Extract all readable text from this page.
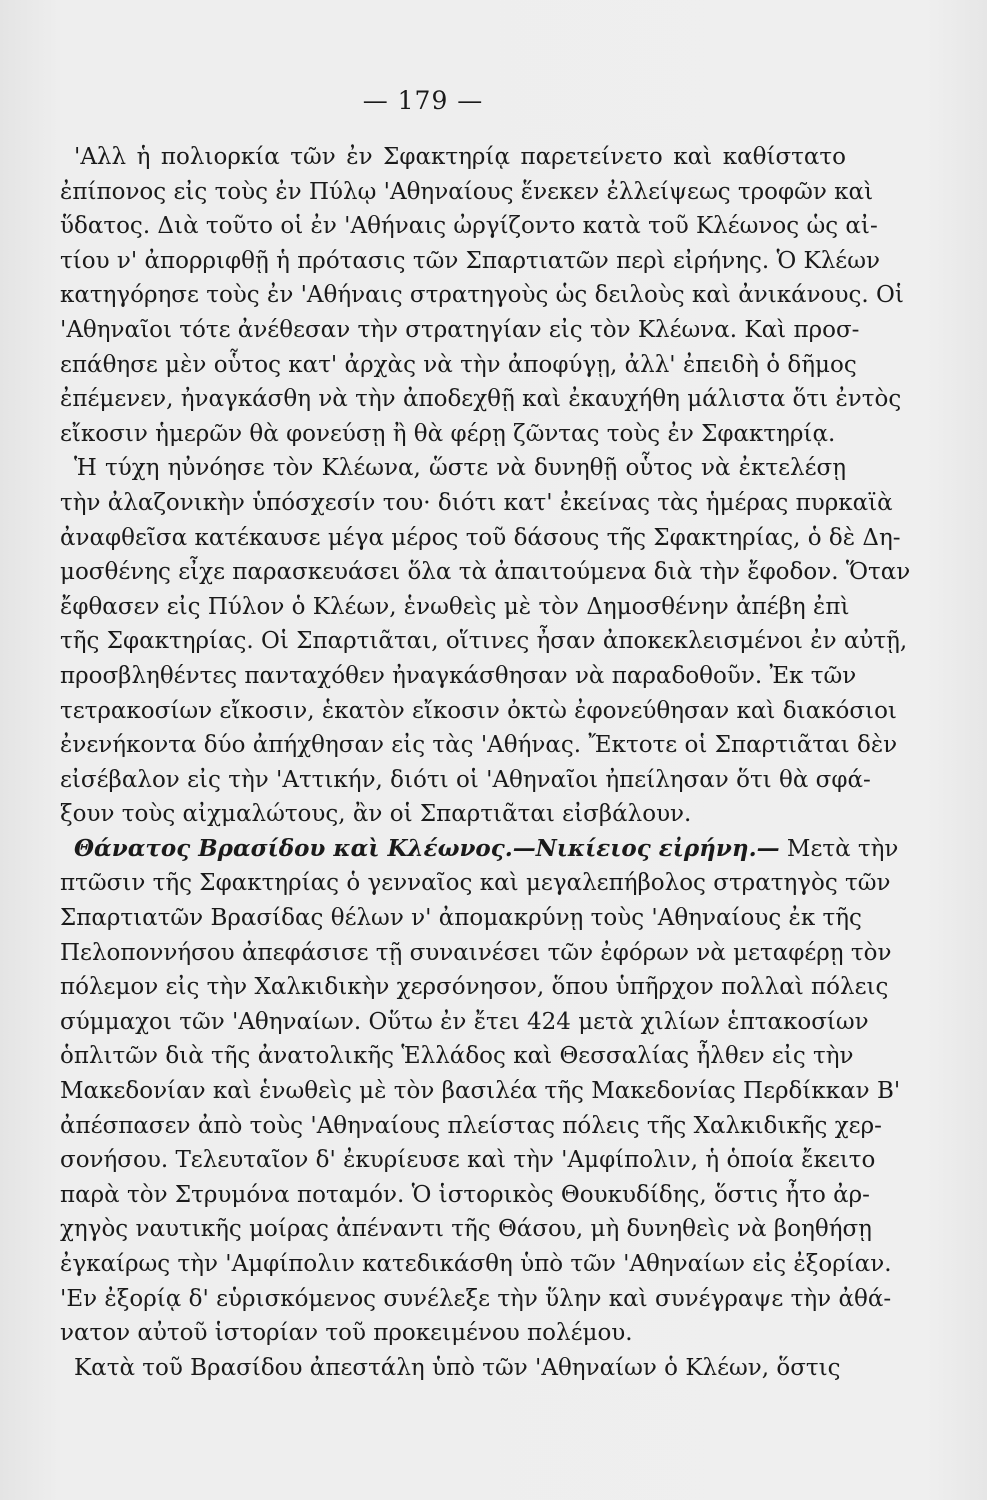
— 179 —
'Αλλ ἡ πολιορκία τῶν ἐν Σφακτηρίᾳ παρετείνετο καὶ καθίστατο
ἐπίπονος εἰς τοὺς ἐν Πύλῳ 'Αθηναίους ἕνεκεν ἐλλείψεως τροφῶν καὶ
ὕδατος. Διὰ τοῦτο οἱ ἐν 'Αθήναις ὠργίζοντο κατὰ τοῦ Κλέωνος ὡς αἰ-
τίου ν' ἀπορριφθῇ ἡ πρότασις τῶν Σπαρτιατῶν περὶ εἰρήνης. Ὁ Κλέων
κατηγόρησε τοὺς ἐν 'Αθήναις στρατηγοὺς ὡς δειλοὺς καὶ ἀνικάνους. Οἱ
'Αθηναῖοι τότε ἀνέθεσαν τὴν στρατηγίαν εἰς τὸν Κλέωνα. Καὶ προσ-
επάθησε μὲν οὗτος κατ' ἀρχὰς νὰ τὴν ἀποφύγῃ, ἀλλ' ἐπειδὴ ὁ δῆμος
ἐπέμενεν, ἠναγκάσθη νὰ τὴν ἀποδεχθῇ καὶ ἐκαυχήθη μάλιστα ὅτι ἐντὸς
εἴκοσιν ἡμερῶν θὰ φονεύσῃ ἢ θὰ φέρῃ ζῶντας τοὺς ἐν Σφακτηρίᾳ.
Ἡ τύχη ηὐνόησε τὸν Κλέωνα, ὥστε νὰ δυνηθῇ οὗτος νὰ ἐκτελέσῃ
τὴν ἀλαζονικὴν ὑπόσχεσίν του· διότι κατ' ἐκείνας τὰς ἡμέρας πυρκαϊὰ
ἀναφθεῖσα κατέκαυσε μέγα μέρος τοῦ δάσους τῆς Σφακτηρίας, ὁ δὲ Δη-
μοσθένης εἶχε παρασκευάσει ὅλα τὰ ἀπαιτούμενα διὰ τὴν ἔφοδον. Ὅταν
ἔφθασεν εἰς Πύλον ὁ Κλέων, ἑνωθεὶς μὲ τὸν Δημοσθένην ἀπέβη ἐπὶ
τῆς Σφακτηρίας. Οἱ Σπαρτιᾶται, οἵτινες ἦσαν ἀποκεκλεισμένοι ἐν αὐτῇ,
προσβληθέντες πανταχόθεν ἠναγκάσθησαν νὰ παραδοθοῦν. Ἐκ τῶν
τετρακοσίων εἴκοσιν, ἑκατὸν εἴκοσιν ὀκτὼ ἐφονεύθησαν καὶ διακόσιοι
ἐνενήκοντα δύο ἀπήχθησαν εἰς τὰς 'Αθήνας. Ἔκτοτε οἱ Σπαρτιᾶται δὲν
εἰσέβαλον εἰς τὴν 'Αττικήν, διότι οἱ 'Αθηναῖοι ἠπείλησαν ὅτι θὰ σφά-
ξουν τοὺς αἰχμαλώτους, ἂν οἱ Σπαρτιᾶται εἰσβάλουν.
Θάνατος Βρασίδου καὶ Κλέωνος.—Νικίειος εἰρήνη.— Μετὰ τὴν
πτῶσιν τῆς Σφακτηρίας ὁ γενναῖος καὶ μεγαλεπήβολος στρατηγὸς τῶν
Σπαρτιατῶν Βρασίδας θέλων ν' ἀπομακρύνῃ τοὺς 'Αθηναίους ἐκ τῆς
Πελοποννήσου ἀπεφάσισε τῇ συναινέσει τῶν ἐφόρων νὰ μεταφέρῃ τὸν
πόλεμον εἰς τὴν Χαλκιδικὴν χερσόνησον, ὅπου ὑπῆρχον πολλαὶ πόλεις
σύμμαχοι τῶν 'Αθηναίων. Οὕτω ἐν ἔτει 424 μετὰ χιλίων ἑπτακοσίων
ὁπλιτῶν διὰ τῆς ἀνατολικῆς Ἑλλάδος καὶ Θεσσαλίας ἦλθεν εἰς τὴν
Μακεδονίαν καὶ ἑνωθεὶς μὲ τὸν βασιλέα τῆς Μακεδονίας Περδίκκαν Β'
ἀπέσπασεν ἀπὸ τοὺς 'Αθηναίους πλείστας πόλεις τῆς Χαλκιδικῆς χερ-
σονήσου. Τελευταῖον δ' ἐκυρίευσε καὶ τὴν 'Αμφίπολιν, ἡ ὁποία ἔκειτο
παρὰ τὸν Στρυμόνα ποταμόν. Ὁ ἱστορικὸς Θουκυδίδης, ὅστις ἦτο ἀρ-
χηγὸς ναυτικῆς μοίρας ἀπέναντι τῆς Θάσου, μὴ δυνηθεὶς νὰ βοηθήσῃ
ἐγκαίρως τὴν 'Αμφίπολιν κατεδικάσθη ὑπὸ τῶν 'Αθηναίων εἰς ἐξορίαν.
'Εν ἐξορίᾳ δ' εὑρισκόμενος συνέλεξε τὴν ὕλην καὶ συνέγραψε τὴν ἀθά-
νατον αὐτοῦ ἱστορίαν τοῦ προκειμένου πολέμου.
Κατὰ τοῦ Βρασίδου ἀπεστάλη ὑπὸ τῶν 'Αθηναίων ὁ Κλέων, ὅστις
